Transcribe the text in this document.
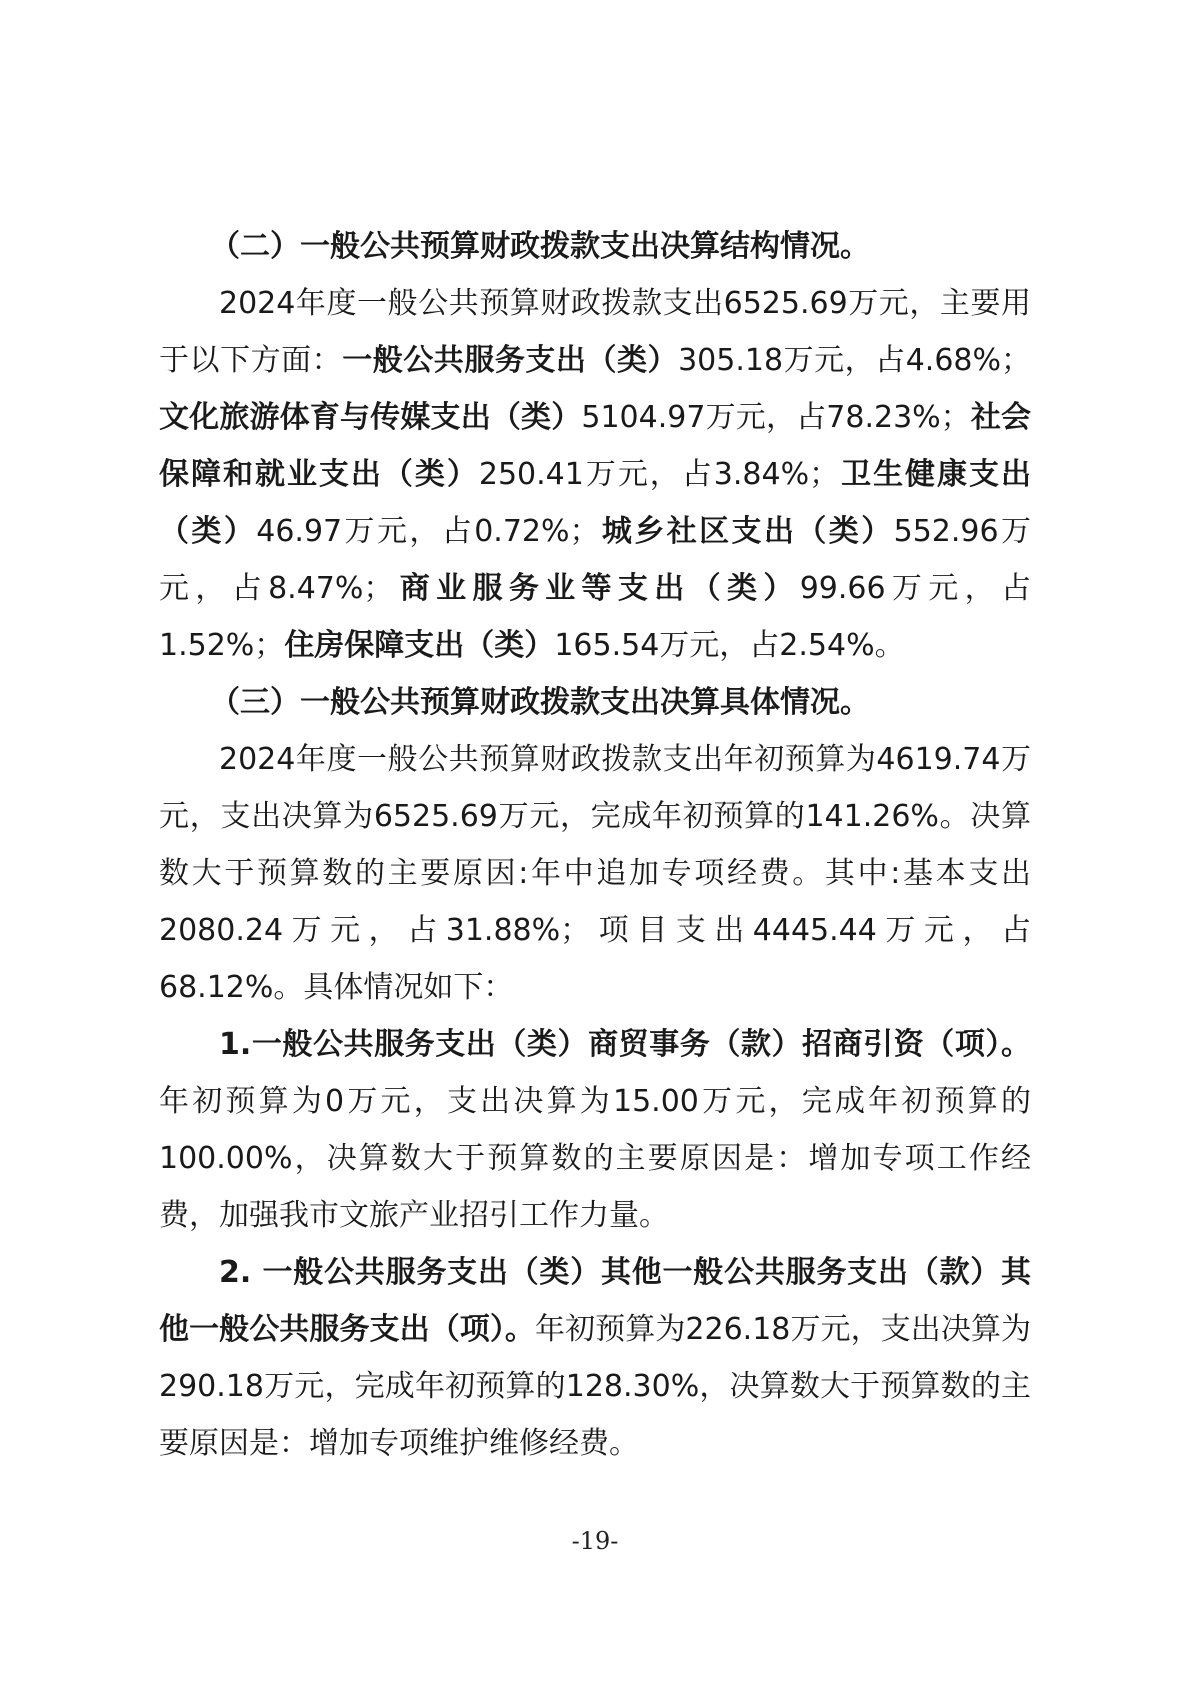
（二）一般公共预算财政拨款支出决算结构情况。

2024年度一般公共预算财政拨款支出6525.69万元，主要用于以下方面：一般公共服务支出（类）305.18万元，占4.68%；文化旅游体育与传媒支出（类）5104.97万元，占78.23%；社会保障和就业支出（类）250.41万元，占3.84%；卫生健康支出（类）46.97万元，占0.72%；城乡社区支出（类）552.96万元，占8.47%；商业服务业等支出（类）99.66万元，占1.52%；住房保障支出（类）165.54万元，占2.54%。

（三）一般公共预算财政拨款支出决算具体情况。

2024年度一般公共预算财政拨款支出年初预算为4619.74万元，支出决算为6525.69万元，完成年初预算的141.26%。决算数大于预算数的主要原因:年中追加专项经费。其中:基本支出2080.24万元，占31.88%；项目支出4445.44万元，占68.12%。具体情况如下：

1.一般公共服务支出（类）商贸事务（款）招商引资（项）。年初预算为0万元，支出决算为15.00万元，完成年初预算的100.00%，决算数大于预算数的主要原因是：增加专项工作经费，加强我市文旅产业招引工作力量。

2. 一般公共服务支出（类）其他一般公共服务支出（款）其他一般公共服务支出（项）。年初预算为226.18万元，支出决算为290.18万元，完成年初预算的128.30%，决算数大于预算数的主要原因是：增加专项维护维修经费。

-19-
